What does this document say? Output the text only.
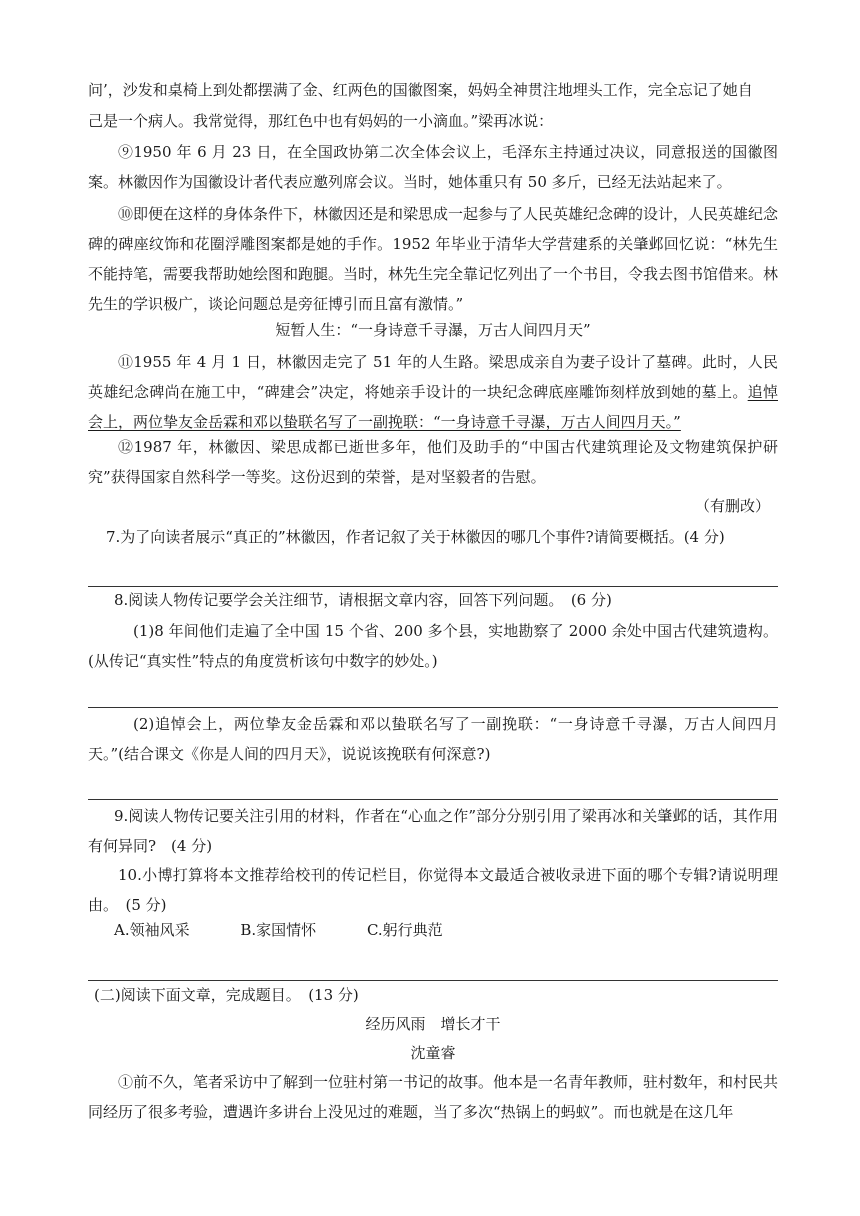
问’，沙发和桌椅上到处都摆满了金、红两色的国徽图案，妈妈全神贯注地埋头工作，完全忘记了她自
己是一个病人。我常觉得，那红色中也有妈妈的一小滴血。”梁再冰说：
⑨1950 年 6 月 23 日，在全国政协第二次全体会议上，毛泽东主持通过决议，同意报送的国徽图案。林徽因作为国徽设计者代表应邀列席会议。当时，她体重只有 50 多斤，已经无法站起来了。
⑩即便在这样的身体条件下，林徽因还是和梁思成一起参与了人民英雄纪念碑的设计，人民英雄纪念碑的碑座纹饰和花圈浮雕图案都是她的手作。1952 年毕业于清华大学营建系的关肇邺回忆说：“林先生不能持笔，需要我帮助她绘图和跑腿。当时，林先生完全靠记忆列出了一个书目，令我去图书馆借来。林先生的学识极广，谈论问题总是旁征博引而且富有激情。”
短暂人生：“一身诗意千寻瀑，万古人间四月天”
⑪1955 年 4 月 1 日，林徽因走完了 51 年的人生路。梁思成亲自为妻子设计了墓碑。此时，人民英雄纪念碑尚在施工中，“碑建会”决定，将她亲手设计的一块纪念碑底座雕饰刻样放到她的墓上。追悼会上，两位挚友金岳霖和邓以蛰联名写了一副挽联：“一身诗意千寻瀑，万古人间四月天。”
⑫1987 年，林徽因、梁思成都已逝世多年，他们及助手的“中国古代建筑理论及文物建筑保护研究”获得国家自然科学一等奖。这份迟到的荣誉，是对坚毅者的告慰。
（有删改）
7.为了向读者展示“真正的”林徽因，作者记叙了关于林徽因的哪几个事件?请简要概括。(4 分)
8.阅读人物传记要学会关注细节，请根据文章内容，回答下列问题。　(6 分)
(1)8 年间他们走遍了全中国 15 个省、200 多个县，实地勘察了 2000 余处中国古代建筑遗构。(从传记“真实性”特点的角度赏析该句中数字的妙处。)
(2)追悼会上，两位挚友金岳霖和邓以蛰联名写了一副挽联：“一身诗意千寻瀑，万古人间四月天。”(结合课文《你是人间的四月天》，说说该挽联有何深意?)
9.阅读人物传记要关注引用的材料，作者在“心血之作”部分分别引用了梁再冰和关肇邺的话，其作用有何异同?　(4 分)
10.小博打算将本文推荐给校刊的传记栏目，你觉得本文最适合被收录进下面的哪个专辑?请说明理由。　(5 分)
A.领袖风采	B.家国情怀	C.躬行典范
(二)阅读下面文章，完成题目。　(13 分)
经历风雨　增长才干
沈童睿
①前不久，笔者采访中了解到一位驻村第一书记的故事。他本是一名青年教师，驻村数年，和村民共同经历了很多考验，遭遇许多讲台上没见过的难题，当了多次“热锅上的蚂蚁”。而也就是在这几年
